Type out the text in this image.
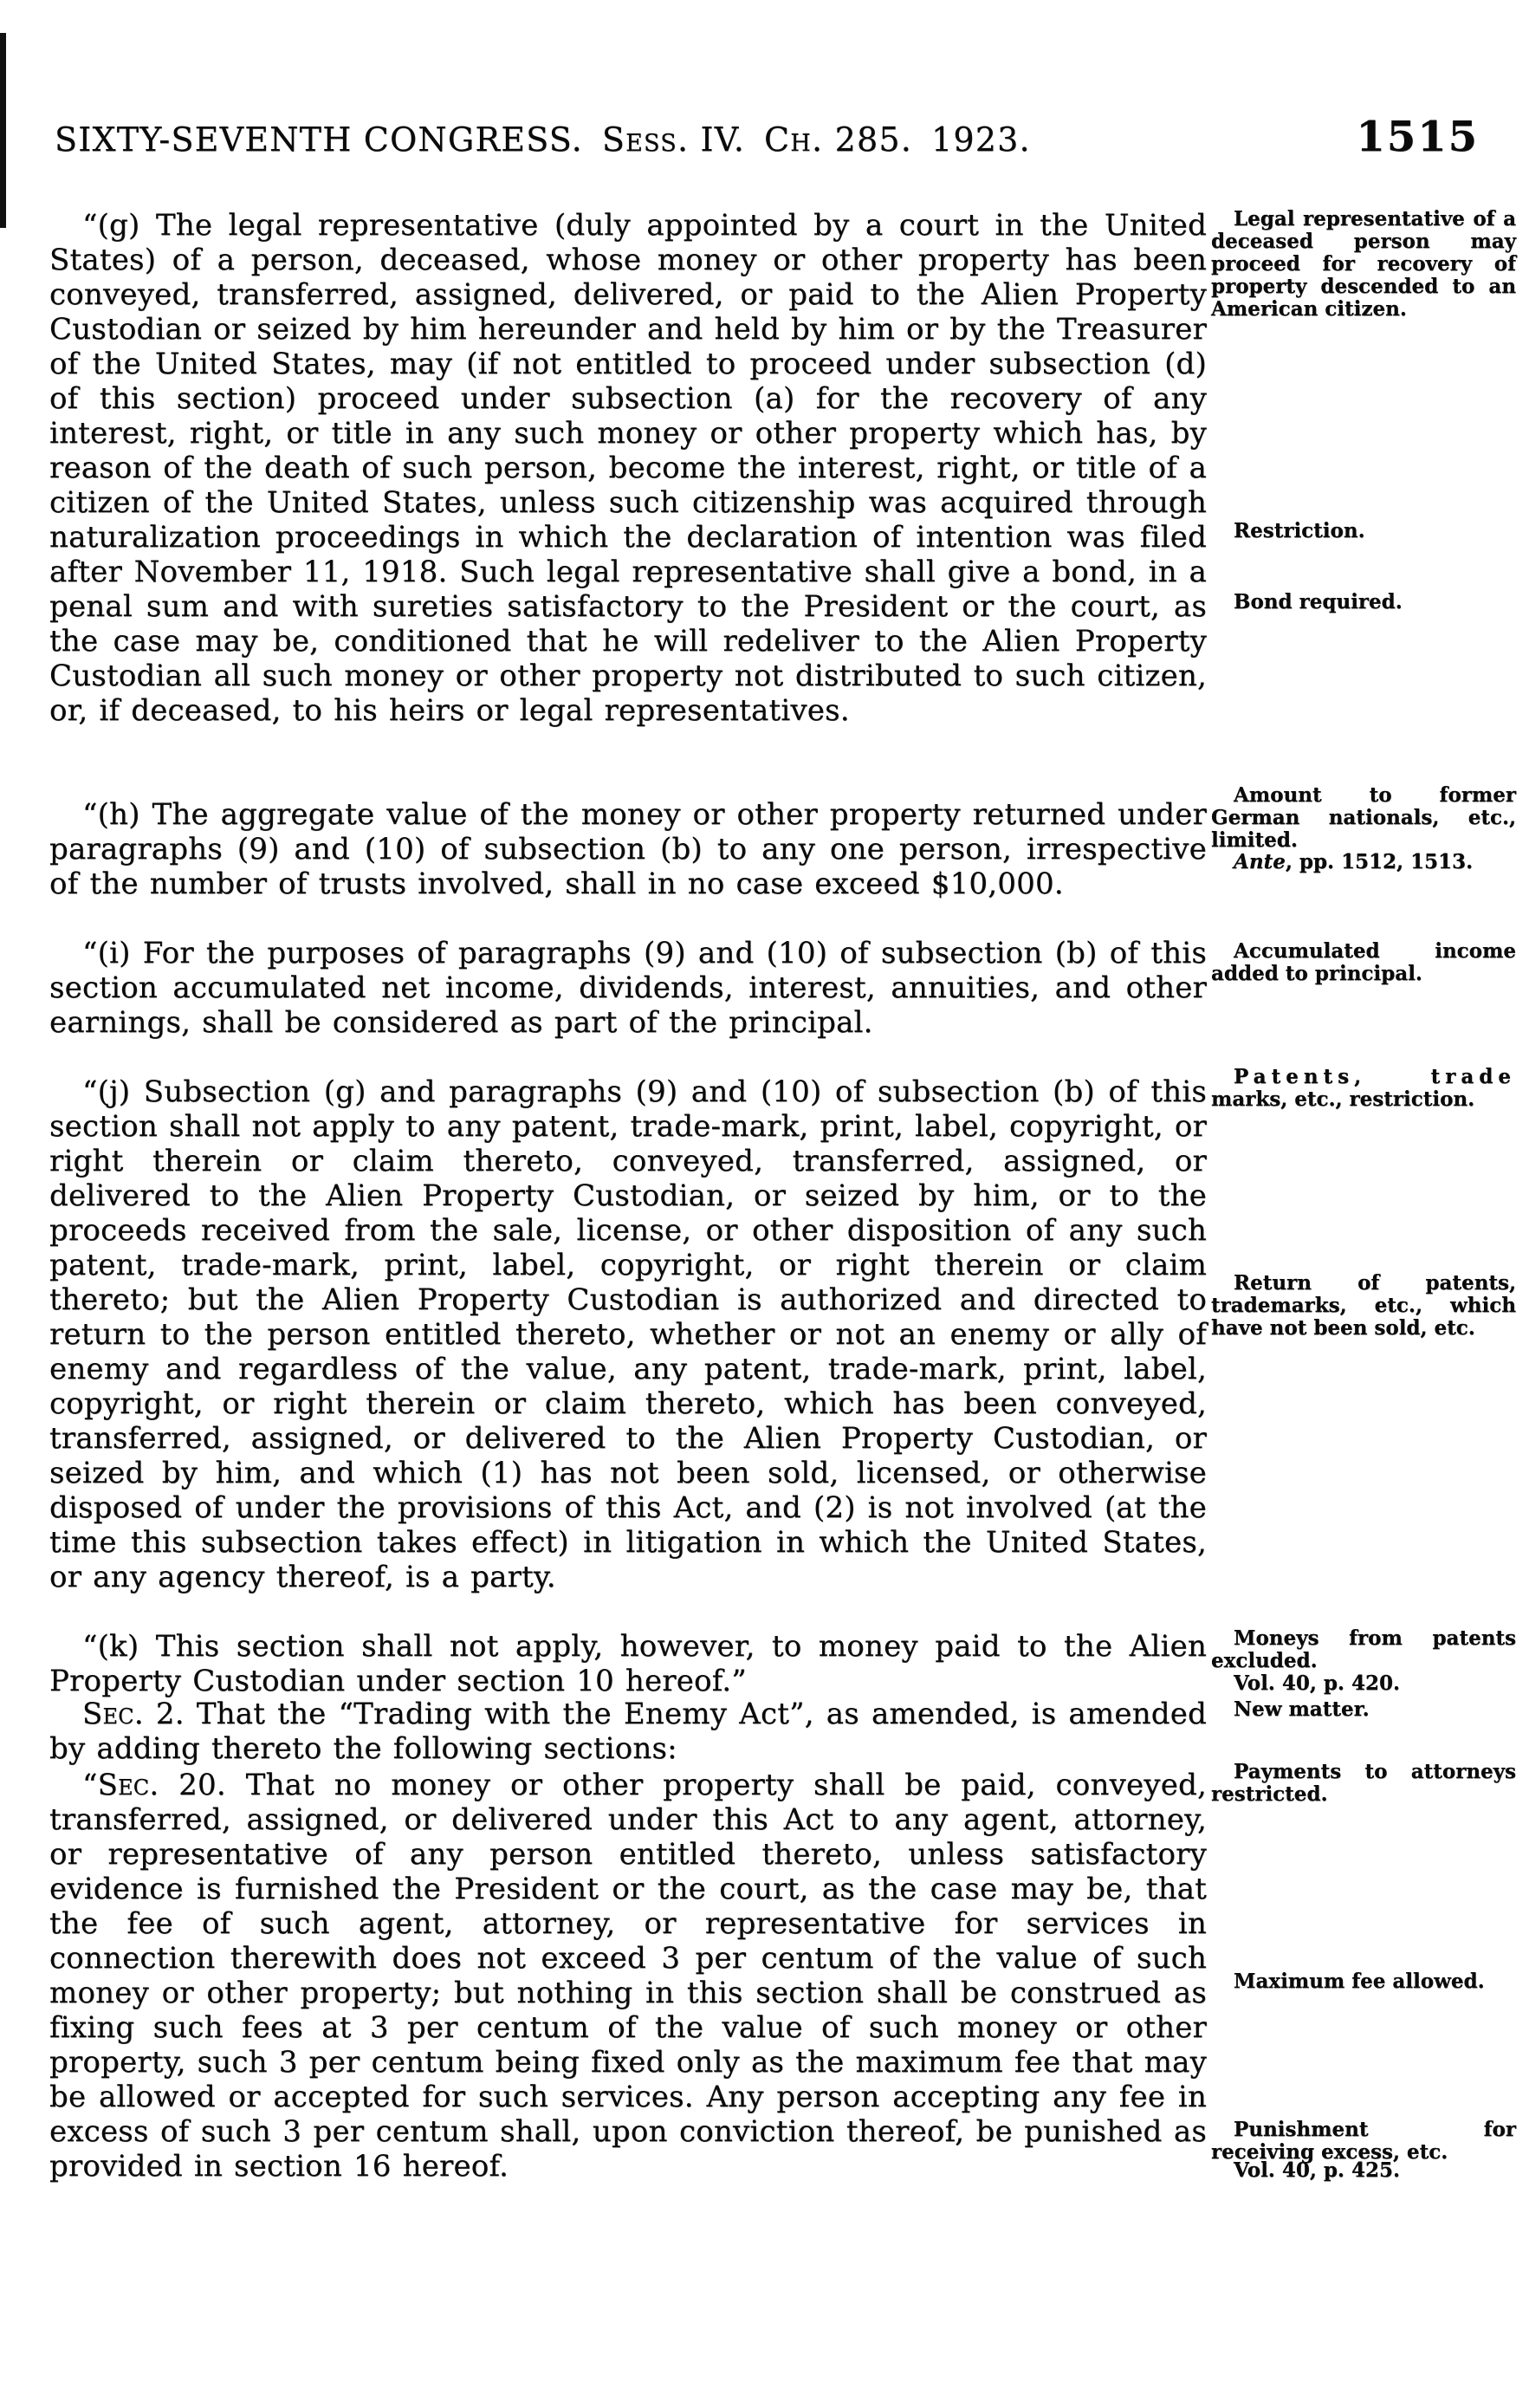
SIXTY-SEVENTH CONGRESS. Sess. IV. Ch. 285. 1923.	1515

“(g) The legal representative (duly appointed by a court in the United States) of a person, deceased, whose money or other property has been conveyed, transferred, assigned, delivered, or paid to the Alien Property Custodian or seized by him hereunder and held by him or by the Treasurer of the United States, may (if not entitled to proceed under subsection (d) of this section) proceed under subsection (a) for the recovery of any interest, right, or title in any such money or other property which has, by reason of the death of such person, become the interest, right, or title of a citizen of the United States, unless such citizenship was acquired through naturalization proceedings in which the declaration of intention was filed after November 11, 1918. Such legal representative shall give a bond, in a penal sum and with sureties satisfactory to the President or the court, as the case may be, conditioned that he will redeliver to the Alien Property Custodian all such money or other property not distributed to such citizen, or, if deceased, to his heirs or legal representatives.

“(h) The aggregate value of the money or other property returned under paragraphs (9) and (10) of subsection (b) to any one person, irrespective of the number of trusts involved, shall in no case exceed $10,000.

“(i) For the purposes of paragraphs (9) and (10) of subsection (b) of this section accumulated net income, dividends, interest, annuities, and other earnings, shall be considered as part of the principal.

“(j) Subsection (g) and paragraphs (9) and (10) of subsection (b) of this section shall not apply to any patent, trade-mark, print, label, copyright, or right therein or claim thereto, conveyed, transferred, assigned, or delivered to the Alien Property Custodian, or seized by him, or to the proceeds received from the sale, license, or other disposition of any such patent, trade-mark, print, label, copyright, or right therein or claim thereto; but the Alien Property Custodian is authorized and directed to return to the person entitled thereto, whether or not an enemy or ally of enemy and regardless of the value, any patent, trade-mark, print, label, copyright, or right therein or claim thereto, which has been conveyed, transferred, assigned, or delivered to the Alien Property Custodian, or seized by him, and which (1) has not been sold, licensed, or otherwise disposed of under the provisions of this Act, and (2) is not involved (at the time this subsection takes effect) in litigation in which the United States, or any agency thereof, is a party.

“(k) This section shall not apply, however, to money paid to the Alien Property Custodian under section 10 hereof.”

Sec. 2. That the “Trading with the Enemy Act”, as amended, is amended by adding thereto the following sections:

“Sec. 20. That no money or other property shall be paid, conveyed, transferred, assigned, or delivered under this Act to any agent, attorney, or representative of any person entitled thereto, unless satisfactory evidence is furnished the President or the court, as the case may be, that the fee of such agent, attorney, or representative for services in connection therewith does not exceed 3 per centum of the value of such money or other property; but nothing in this section shall be construed as fixing such fees at 3 per centum of the value of such money or other property, such 3 per centum being fixed only as the maximum fee that may be allowed or accepted for such services. Any person accepting any fee in excess of such 3 per centum shall, upon conviction thereof, be punished as provided in section 16 hereof.

Legal representative of a deceased person may proceed for recovery of property descended to an American citizen.

Restriction.

Bond required.

Amount to former German nationals, etc., limited.

Ante, pp. 1512, 1513.

Accumulated income added to principal.

Patents, trade marks, etc., restriction.

Return of patents, trademarks, etc., which have not been sold, etc.

Moneys from patents excluded.

Vol. 40, p. 420.

New matter.

Payments to attorneys restricted.

Maximum fee allowed.

Punishment for receiving excess, etc.

Vol. 40, p. 425.
